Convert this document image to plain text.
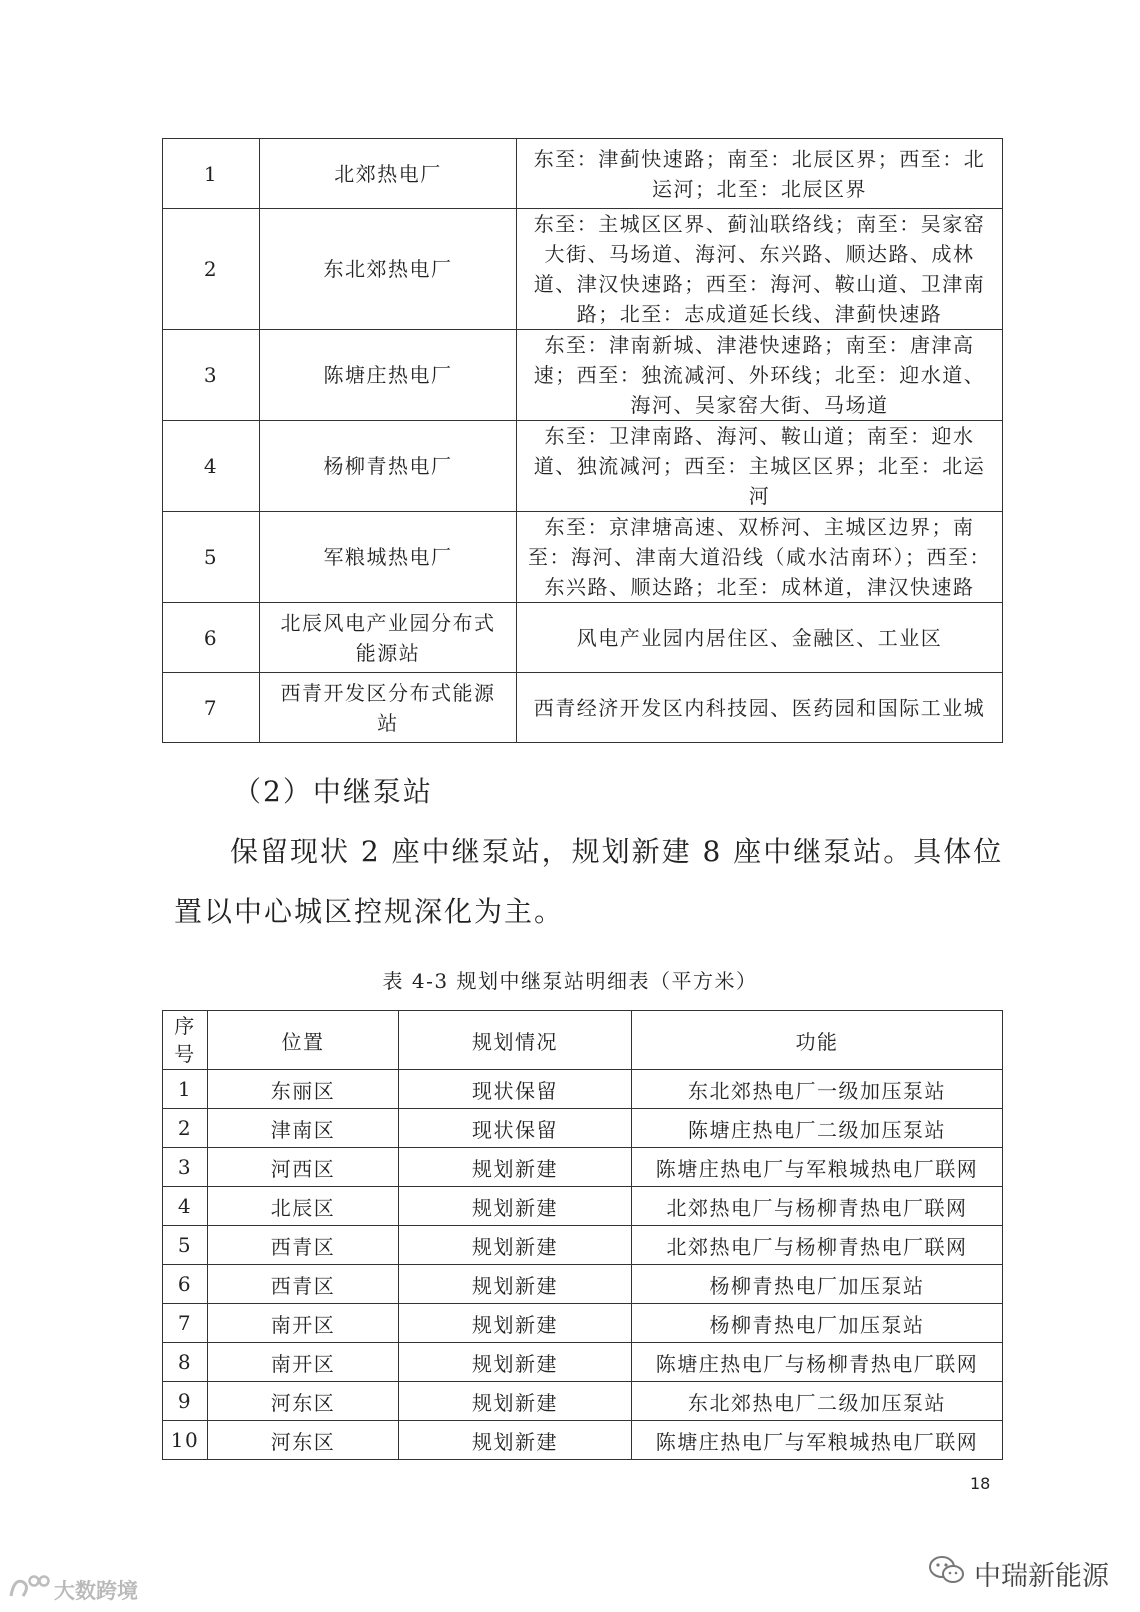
1	北郊热电厂	东至：津蓟快速路；南至：北辰区界；西至：北运河；北至：北辰区界
2	东北郊热电厂	东至：主城区区界、蓟汕联络线；南至：吴家窑大街、马场道、海河、东兴路、顺达路、成林道、津汉快速路；西至：海河、鞍山道、卫津南路；北至：志成道延长线、津蓟快速路
3	陈塘庄热电厂	东至：津南新城、津港快速路；南至：唐津高速；西至：独流减河、外环线；北至：迎水道、海河、吴家窑大街、马场道
4	杨柳青热电厂	东至：卫津南路、海河、鞍山道；南至：迎水道、独流减河；西至：主城区区界；北至：北运河
5	军粮城热电厂	东至：京津塘高速、双桥河、主城区边界；南至：海河、津南大道沿线（咸水沽南环）；西至：东兴路、顺达路；北至：成林道，津汉快速路
6	北辰风电产业园分布式能源站	风电产业园内居住区、金融区、工业区
7	西青开发区分布式能源站	西青经济开发区内科技园、医药园和国际工业城
（2）中继泵站
保留现状 2 座中继泵站，规划新建 8 座中继泵站。具体位
置以中心城区控规深化为主。
表 4-3 规划中继泵站明细表（平方米）
序号	位置	规划情况	功能
1	东丽区	现状保留	东北郊热电厂一级加压泵站
2	津南区	现状保留	陈塘庄热电厂二级加压泵站
3	河西区	规划新建	陈塘庄热电厂与军粮城热电厂联网
4	北辰区	规划新建	北郊热电厂与杨柳青热电厂联网
5	西青区	规划新建	北郊热电厂与杨柳青热电厂联网
6	西青区	规划新建	杨柳青热电厂加压泵站
7	南开区	规划新建	杨柳青热电厂加压泵站
8	南开区	规划新建	陈塘庄热电厂与杨柳青热电厂联网
9	河东区	规划新建	东北郊热电厂二级加压泵站
10	河东区	规划新建	陈塘庄热电厂与军粮城热电厂联网
18
大数跨境	中瑞新能源
